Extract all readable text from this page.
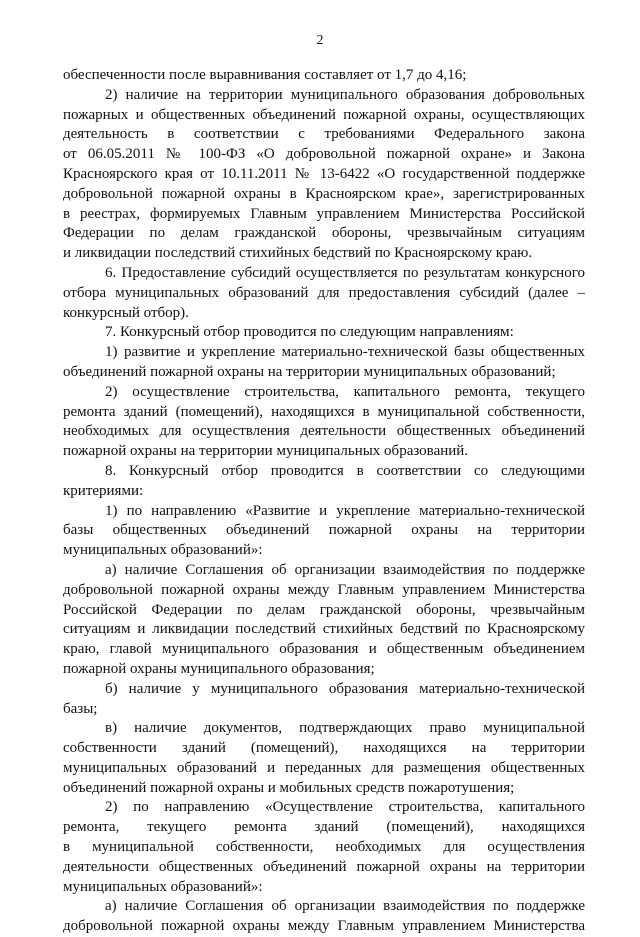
2
обеспеченности после выравнивания составляет от 1,7 до 4,16;
2) наличие на территории муниципального образования добровольных
пожарных и общественных объединений пожарной охраны, осуществляющих
деятельность в соответствии с требованиями Федерального закона
от 06.05.2011 № 100-ФЗ «О добровольной пожарной охране» и Закона
Красноярского края от 10.11.2011 № 13-6422 «О государственной поддержке
добровольной пожарной охраны в Красноярском крае», зарегистрированных
в реестрах, формируемых Главным управлением Министерства Российской
Федерации по делам гражданской обороны, чрезвычайным ситуациям
и ликвидации последствий стихийных бедствий по Красноярскому краю.
6. Предоставление субсидий осуществляется по результатам конкурсного
отбора муниципальных образований для предоставления субсидий (далее –
конкурсный отбор).
7. Конкурсный отбор проводится по следующим направлениям:
1) развитие и укрепление материально-технической базы общественных
объединений пожарной охраны на территории муниципальных образований;
2) осуществление строительства, капитального ремонта, текущего
ремонта зданий (помещений), находящихся в муниципальной собственности,
необходимых для осуществления деятельности общественных объединений
пожарной охраны на территории муниципальных образований.
8. Конкурсный отбор проводится в соответствии со следующими
критериями:
1) по направлению «Развитие и укрепление материально-технической
базы общественных объединений пожарной охраны на территории
муниципальных образований»:
а) наличие Соглашения об организации взаимодействия по поддержке
добровольной пожарной охраны между Главным управлением Министерства
Российской Федерации по делам гражданской обороны, чрезвычайным
ситуациям и ликвидации последствий стихийных бедствий по Красноярскому
краю, главой муниципального образования и общественным объединением
пожарной охраны муниципального образования;
б) наличие у муниципального образования материально-технической
базы;
в) наличие документов, подтверждающих право муниципальной
собственности зданий (помещений), находящихся на территории
муниципальных образований и переданных для размещения общественных
объединений пожарной охраны и мобильных средств пожаротушения;
2) по направлению «Осуществление строительства, капитального
ремонта, текущего ремонта зданий (помещений), находящихся
в муниципальной собственности, необходимых для осуществления
деятельности общественных объединений пожарной охраны на территории
муниципальных образований»:
а) наличие Соглашения об организации взаимодействия по поддержке
добровольной пожарной охраны между Главным управлением Министерства
